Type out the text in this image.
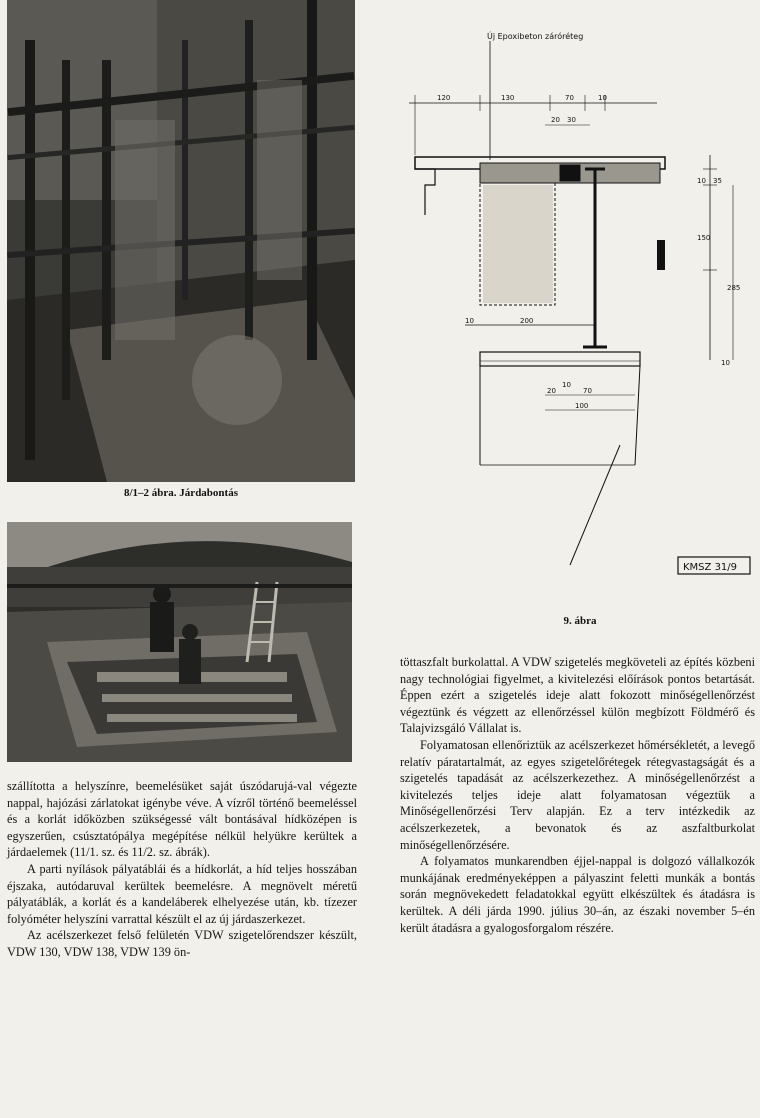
8/1–2 ábra. Járdabontás

szállította a helyszínre, beemelésüket saját úszódarujá-val végezte nappal, hajózási zárlatokat igénybe véve. A vízről történő beemeléssel és a korlát időközben szükségessé vált bontásával hídközépen is egyszerűen, csúsztatópálya megépítése nélkül helyükre kerültek a járdaelemek (11/1. sz. és 11/2. sz. ábrák).

A parti nyílások pályatáblái és a hídkorlát, a híd teljes hosszában éjszaka, autódaruval kerültek beemelésre. A megnövelt méretű pályatáblák, a korlát és a kandeláberek elhelyezése után, kb. tízezer folyóméter helyszíni varrattal készült el az új járdaszerkezet.

Az acélszerkezet felső felületén VDW szigetelőrendszer készült, VDW 130, VDW 138, VDW 139 ön-

Új Epoxibeton záróréteg
120	130	70	10
20 30
10 35
150
285
10
10	200
20
10
70
100
KMSZ 31/9
9. ábra

töttaszfalt burkolattal. A VDW szigetelés megköveteli az építés közbeni nagy technológiai figyelmet, a kivitelezési előírások pontos betartását. Éppen ezért a szigetelés ideje alatt fokozott minőségellenőrzést végeztünk és végzett az ellenőrzéssel külön megbízott Földmérő és Talajvizsgáló Vállalat is.

Folyamatosan ellenőriztük az acélszerkezet hőmérsékletét, a levegő relatív páratartalmát, az egyes szigetelőrétegek rétegvastagságát és a szigetelés tapadását az acélszerkezethez. A minőségellenőrzést a kivitelezés teljes ideje alatt folyamatosan végeztük a Minőségellenőrzési Terv alapján. Ez a terv intézkedik az acélszerkezetek, a bevonatok és az aszfaltburkolat minőségellenőrzésére.

A folyamatos munkarendben éjjel-nappal is dolgozó vállalkozók munkájának eredményeképpen a pályaszint feletti munkák a bontás során megnövekedett feladatokkal együtt elkészültek és átadásra is kerültek. A déli járda 1990. július 30–án, az északi november 5–én került átadásra a gyalogosforgalom részére.
